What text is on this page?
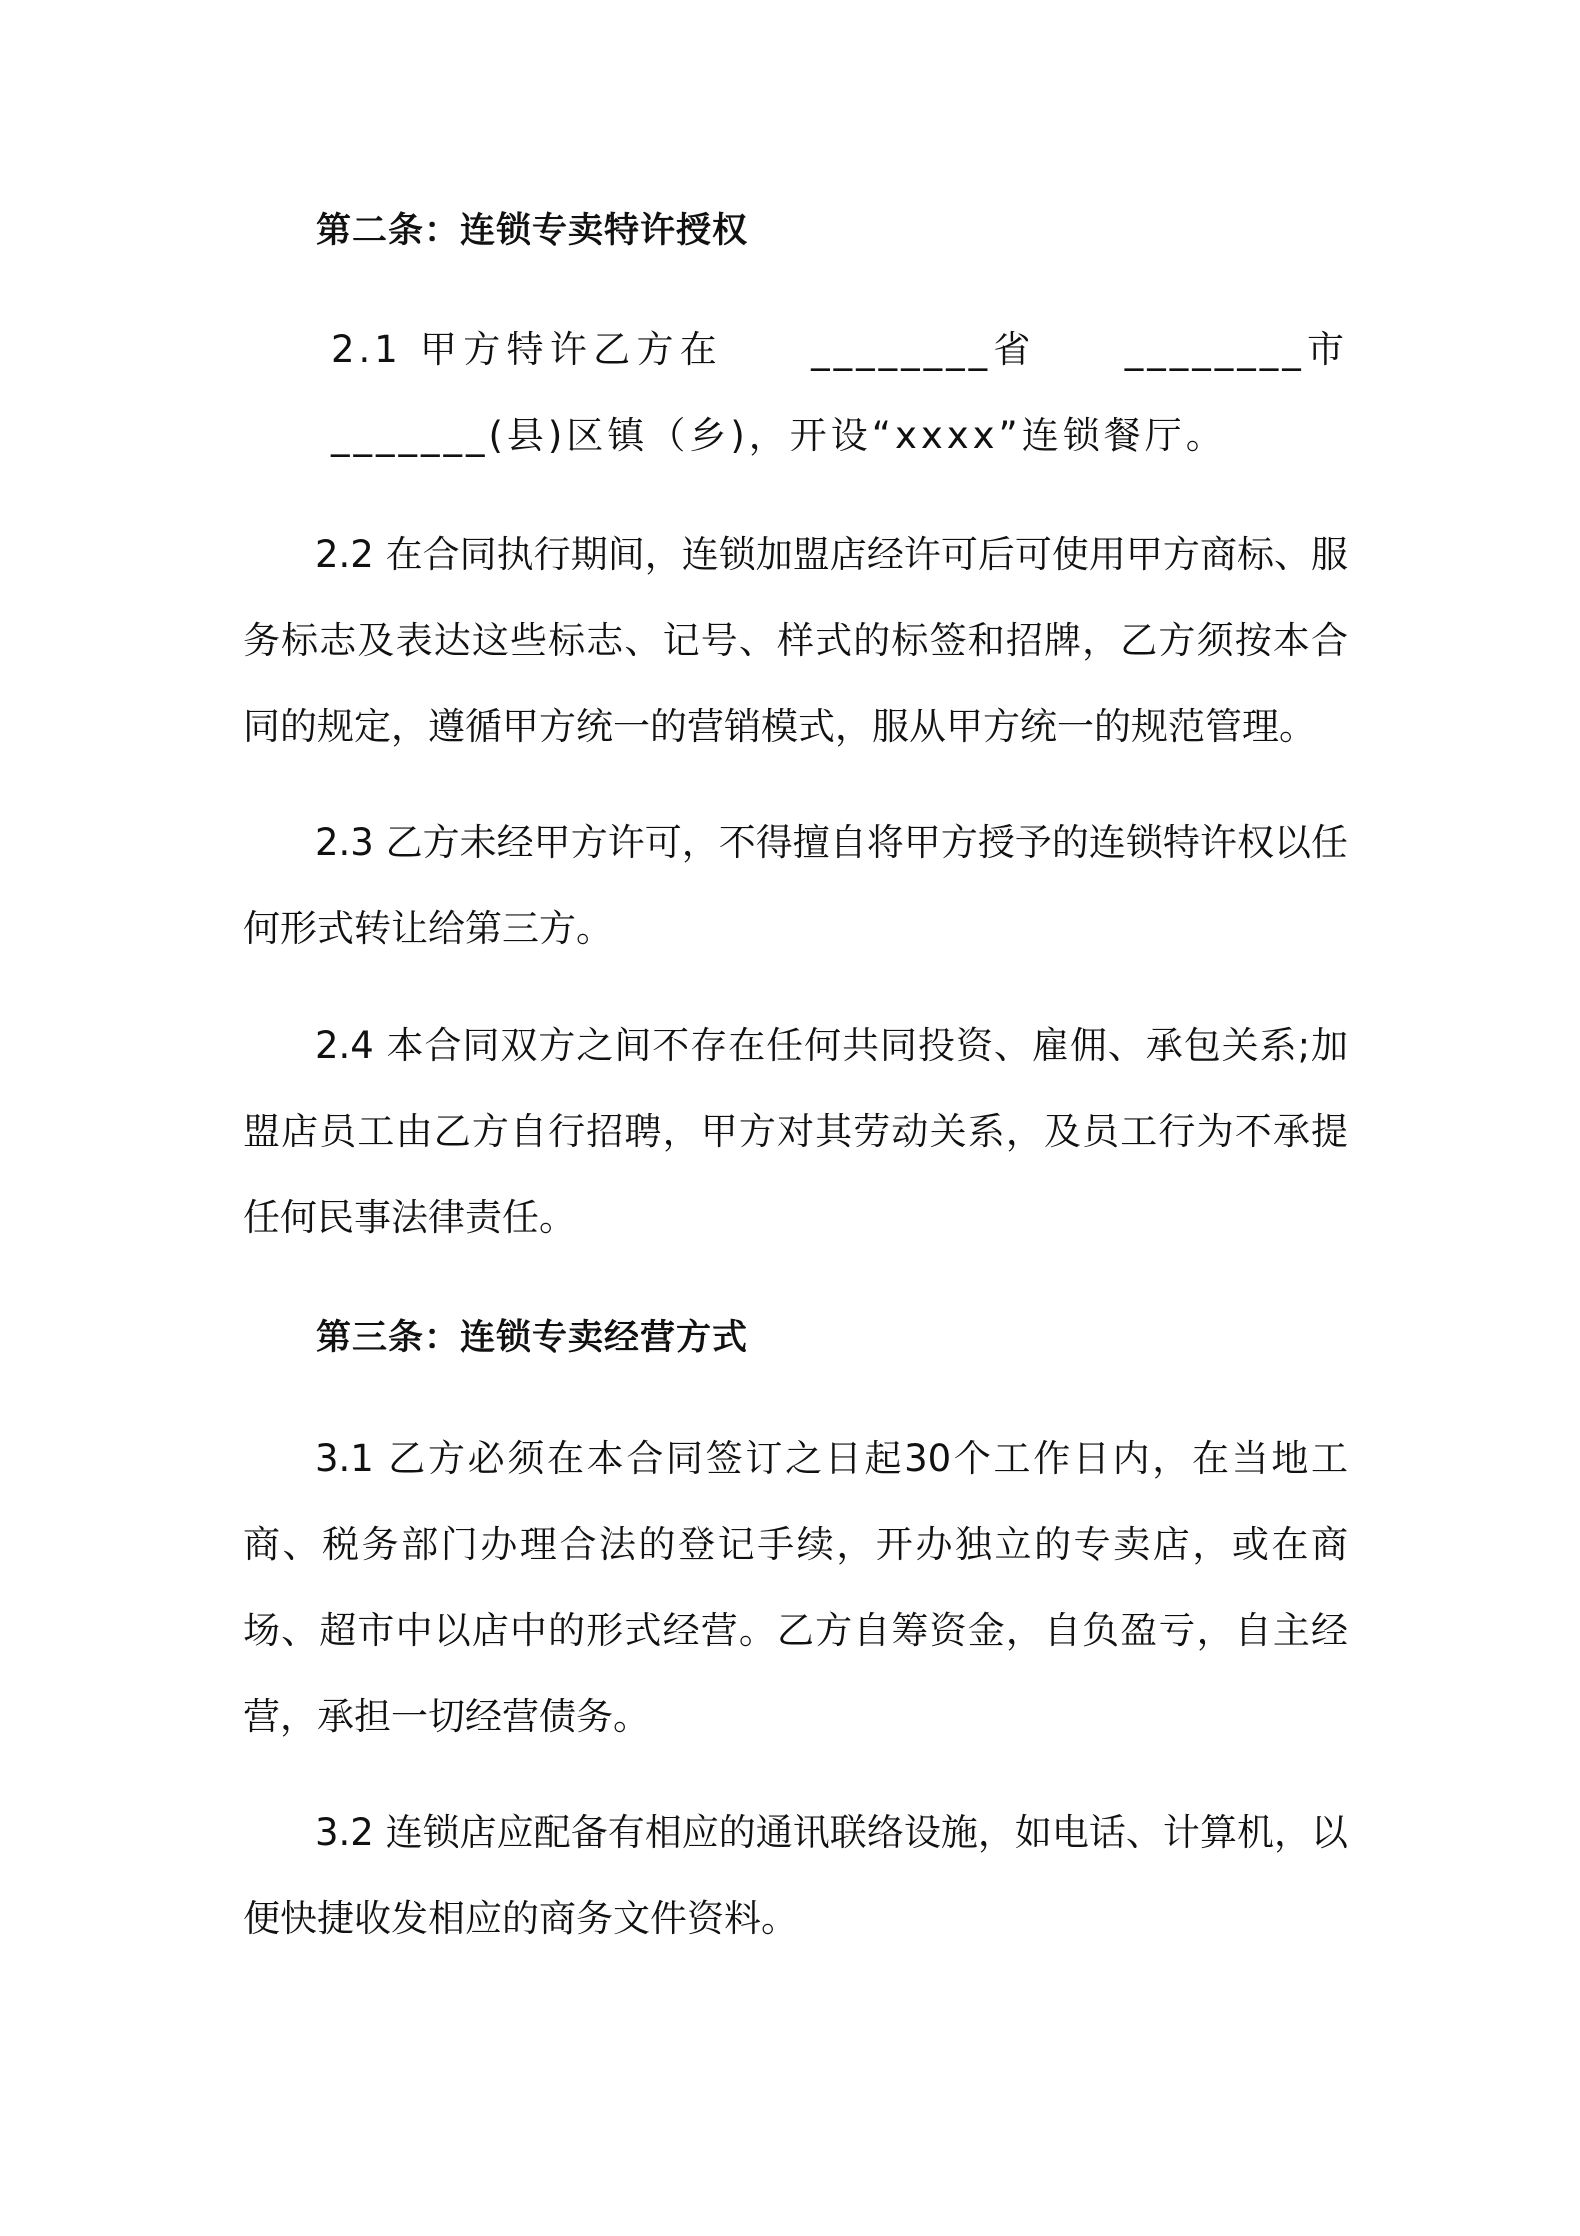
第二条：连锁专卖特许授权

2.1 甲方特许乙方在 ________省 ________市_______(县)区镇（乡)，开设“xxxx”连锁餐厅。

2.2 在合同执行期间，连锁加盟店经许可后可使用甲方商标、服务标志及表达这些标志、记号、样式的标签和招牌，乙方须按本合同的规定，遵循甲方统一的营销模式，服从甲方统一的规范管理。

2.3 乙方未经甲方许可，不得擅自将甲方授予的连锁特许权以任何形式转让给第三方。

2.4 本合同双方之间不存在任何共同投资、雇佣、承包关系;加盟店员工由乙方自行招聘，甲方对其劳动关系，及员工行为不承提任何民事法律责任。

第三条：连锁专卖经营方式

3.1 乙方必须在本合同签订之日起30个工作日内，在当地工商、税务部门办理合法的登记手续，开办独立的专卖店，或在商场、超市中以店中的形式经营。乙方自筹资金，自负盈亏，自主经营，承担一切经营债务。

3.2 连锁店应配备有相应的通讯联络设施，如电话、计算机，以便快捷收发相应的商务文件资料。
